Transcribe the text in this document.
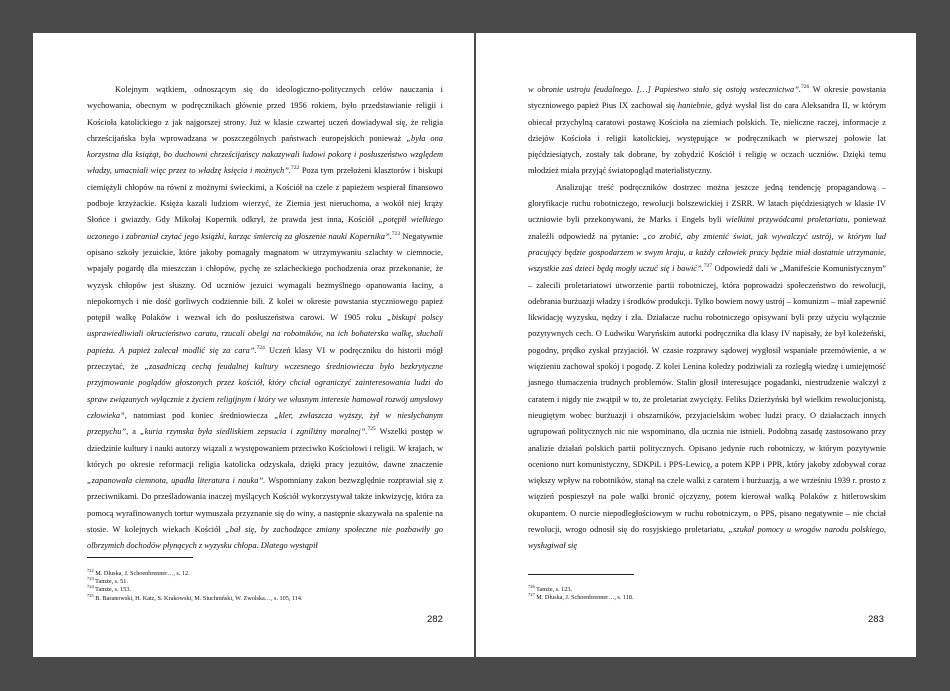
Kolejnym wątkiem, odnoszącym się do ideologiczno-politycznych celów nauczania i wychowania, obecnym w podręcznikach głównie przed 1956 rokiem, było przedstawianie religii i Kościoła katolickiego z jak najgorszej strony. Już w klasie czwartej uczeń dowiadywał się, że religia chrześcijańska była wprowadzana w poszczególnych państwach europejskich ponieważ „była ona korzystna dla książąt, bo duchowni chrześcijańscy nakazywali ludowi pokorę i posłuszeństwo względem władzy, umacniali więc przez to władzę księcia i możnych”.$^{722}$ Poza tym przełożeni klasztorów i biskupi ciemiężyli chłopów na równi z możnymi świeckimi, a Kościół na czele z papieżem wspierał finansowo podboje krzyżackie. Księża kazali ludziom wierzyć, że Ziemia jest nieruchoma, a wokół niej krąży Słońce i gwiazdy. Gdy Mikołaj Kopernik odkrył, że prawda jest inna, Kościół „potępił wielkiego uczonego i zabraniał czytać jego książki, karząc śmiercią za głoszenie nauki Kopernika”.$^{723}$ Negatywnie opisano szkoły jezuickie, które jakoby pomagały magnatom w utrzymywaniu szlachty w ciemnocie, wpajały pogardę dla mieszczan i chłopów, pychę ze szlacheckiego pochodzenia oraz przekonanie, że wyzysk chłopów jest słuszny. Od uczniów jezuici wymagali bezmyślnego opanowania łaciny, a niepokornych i nie dość gorliwych codziennie bili. Z kolei w okresie powstania styczniowego papież potępił walkę Polaków i wezwał ich do posłuszeństwa carowi. W 1905 roku „biskupi polscy usprawiedliwiali okrucieństwo caratu, rzucali obelgi na robotników, na ich bohaterska walkę, słuchali papieża. A papież zalecał modlić się za cara”.$^{724}$ Uczeń klasy VI w podręczniku do historii mógł przeczytać, że „zasadniczą cechą feudalnej kultury wczesnego średniowiecza było bezkrytyczne przyjmowanie poglądów głoszonych przez kościół, który chciał ograniczyć zainteresowania ludzi do spraw związanych wyłącznie z życiem religijnym i który we własnym interesie hamował rozwój umysłowy człowieka”, natomiast pod koniec średniowiecza „kler, zwłaszcza wyższy, żył w niesłychanym przepychu”, a „kuria rzymska była siedliskiem zepsucia i zgniliżny moralnej”.$^{725}$ Wszelki postęp w dziedzinie kultury i nauki autorzy wiązali z występowaniem przeciwko Kościołowi i religii. W krajach, w których po okresie reformacji religia katolicka odzyskała, dzięki pracy jezuitów, dawne znaczenie „zapanowała ciemnota, upadła literatura i nauka”. Wspomniany zakon bezwzględnie rozprawiał się z przeciwnikami. Do prześladowania inaczej myślących Kościół wykorzystywał także inkwizycję, która za pomocą wyrafinowanych tortur wymuszała przyznanie się do winy, a następnie skazywała na spalenie na stosie. W kolejnych wiekach Kościół „bał się, by zachodzące zmiany społeczne nie pozbawiły go olbrzymich dochodów płynących z wyzysku chłopa. Dlatego wystąpił

$^{722}$ M. Dłuska, J. Schoenbrenner…, s. 12.
$^{723}$ Tamże, s. 51.
$^{724}$ Tamże, s. 153.
$^{725}$ B. Baranowski, H. Katz, S. Krakowski, M. Siuchniński, W. Zwolska…, s. 105, 114.
282

w obronie ustroju feudalnego. […] Papiestwo stało się ostoją wstecznictwa”.$^{726}$ W okresie powstania styczniowego papież Pius IX zachował się haniebnie, gdyż wysłał list do cara Aleksandra II, w którym obiecał przychylną caratowi postawę Kościoła na ziemiach polskich. Te, nieliczne raczej, informacje z dziejów Kościoła i religii katolickiej, występujące w podręcznikach w pierwszej połowie lat pięćdziesiątych, zostały tak dobrane, by zohydzić Kościół i religię w oczach uczniów. Dzięki temu młodzież miała przyjąć światopogląd materialistyczny.

Analizując treść podręczników dostrzec można jeszcze jedną tendencję propagandową – gloryfikacje ruchu robotniczego, rewolucji bolszewickiej i ZSRR. W latach pięćdziesiątych w klasie IV uczniowie byli przekonywani, że Marks i Engels byli wielkimi przywódcami proletariatu, ponieważ znaleźli odpowiedź na pytanie: „co zrobić, aby zmienić świat, jak wywalczyć ustrój, w którym lud pracujący będzie gospodarzem w swym kraju, a każdy człowiek pracy będzie miał dostatnie utrzymanie, wszystkie zaś dzieci będą mogły uczuć się i bawić”.$^{727}$ Odpowiedź dali w „Manifeście Komunistycznym” – zalecili proletariatowi utworzenie partii robotniczej, która poprowadzi społeczeństwo do rewolucji, odebrania burżuazji władzy i środków produkcji. Tylko bowiem nowy ustrój – komunizm – miał zapewnić likwidację wyzysku, nędzy i zła. Działacze ruchu robotniczego opisywani byli przy użyciu wyłącznie pozytywnych cech. O Ludwiku Waryńskim autorki podręcznika dla klasy IV napisały, że był koleżeński, pogodny, prędko zyskał przyjaciół. W czasie rozprawy sądowej wygłosił wspaniałe przemówienie, a w więzieniu zachował spokój i pogodę. Z kolei Lenina koledzy podziwiali za rozległą wiedzę i umiejętność jasnego tłumaczenia trudnych problemów. Stalin głosił interesujące pogadanki, niestrudzenie walczył z caratem i nigdy nie zwątpił w to, że proletariat zwycięży. Feliks Dzierżyński był wielkim rewolucjonistą, nieugiętym wobec burżuazji i obszarników, przyjacielskim wobec ludzi pracy. O działaczach innych ugrupowań politycznych nic nie wspominano, dla ucznia nie istnieli. Podobną zasadę zastosowano przy analizie działań polskich partii politycznych. Opisano jedynie ruch robotniczy, w którym pozytywnie oceniono nurt komunistyczny, SDKPiL i PPS-Lewicę, a potem KPP i PPR, który jakoby zdobywał coraz większy wpływ na robotników, stanął na czele walki z caratem i burżuazją, a we wrześniu 1939 r. prosto z więzień pospieszył na pole walki bronić ojczyzny, potem kierował walką Polaków z hitlerowskim okupantem. O nurcie niepodległościowym w ruchu robotniczym, o PPS, pisano negatywnie – nie chciał rewolucji, wrogo odnosił się do rosyjskiego proletariatu, „szukał pomocy u wrogów narodu polskiego, wysługiwał się

$^{726}$ Tamże, s. 123.
$^{727}$ M. Dłuska, J. Schoenbrenner…, s. 118.
283
